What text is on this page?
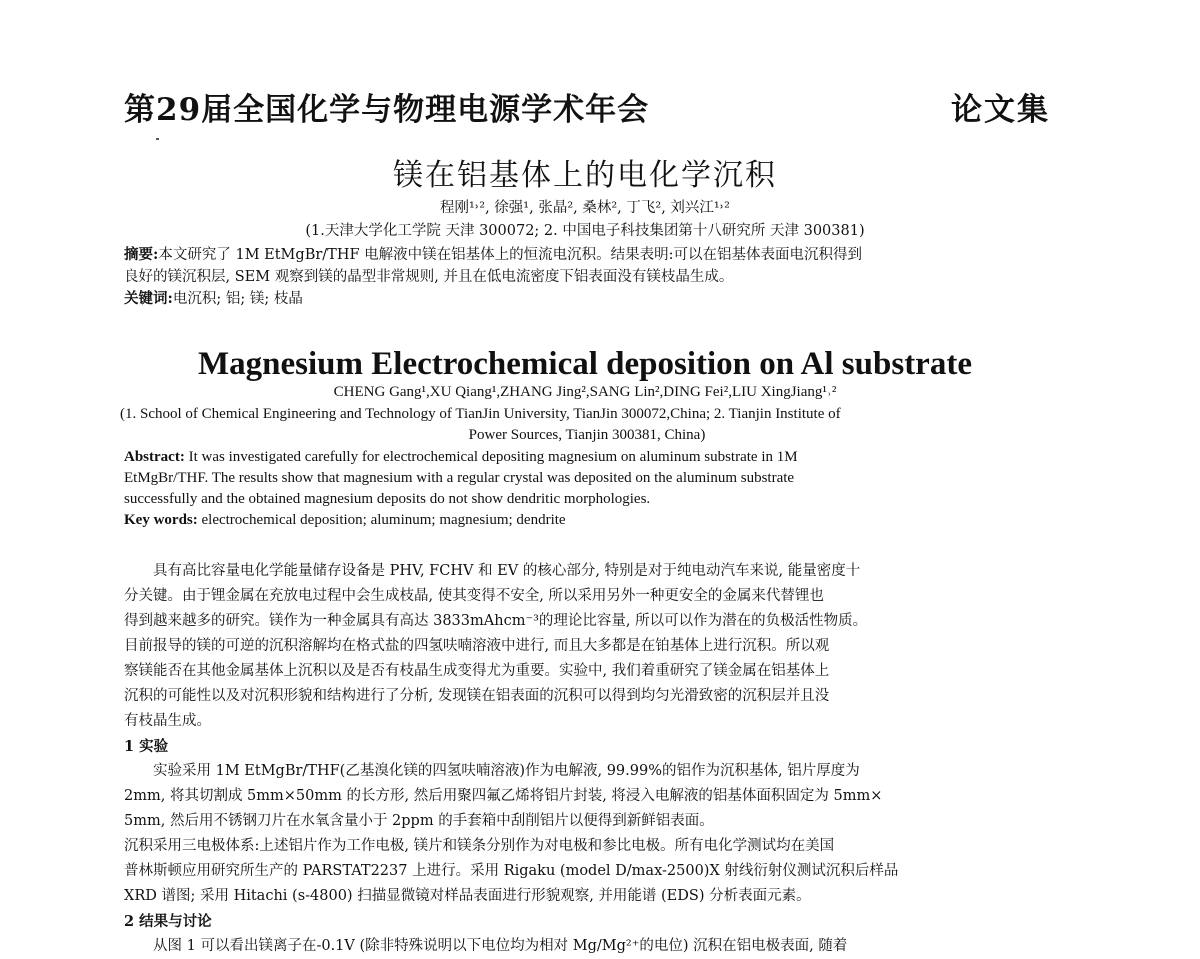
第29届全国化学与物理电源学术年会	论文集
镁在铝基体上的电化学沉积
程刚¹˒², 徐强¹, 张晶², 桑林², 丁飞², 刘兴江¹˒²
(1.天津大学化工学院 天津 300072; 2. 中国电子科技集团第十八研究所 天津 300381)
摘要:本文研究了 1M EtMgBr/THF 电解液中镁在铝基体上的恒流电沉积。结果表明:可以在铝基体表面电沉积得到
良好的镁沉积层, SEM 观察到镁的晶型非常规则, 并且在低电流密度下铝表面没有镁枝晶生成。
关键词:电沉积; 铝; 镁; 枝晶
Magnesium Electrochemical deposition on Al substrate
CHENG Gang¹,XU Qiang¹,ZHANG Jing²,SANG Lin²,DING Fei²,LIU XingJiang¹˒²
(1. School of Chemical Engineering and Technology of TianJin University, TianJin 300072,China; 2. Tianjin Institute of
Power Sources, Tianjin 300381, China)
Abstract: It was investigated carefully for electrochemical depositing magnesium on aluminum substrate in 1M
EtMgBr/THF. The results show that magnesium with a regular crystal was deposited on the aluminum substrate
successfully and the obtained magnesium deposits do not show dendritic morphologies.
Key words: electrochemical deposition; aluminum; magnesium; dendrite

具有高比容量电化学能量储存设备是 PHV, FCHV 和 EV 的核心部分, 特别是对于纯电动汽车来说, 能量密度十
分关键。由于锂金属在充放电过程中会生成枝晶, 使其变得不安全, 所以采用另外一种更安全的金属来代替锂也
得到越来越多的研究。镁作为一种金属具有高达 3833mAhcm⁻³的理论比容量, 所以可以作为潜在的负极活性物质。
目前报导的镁的可逆的沉积溶解均在格式盐的四氢呋喃溶液中进行, 而且大多都是在铂基体上进行沉积。所以观
察镁能否在其他金属基体上沉积以及是否有枝晶生成变得尤为重要。实验中, 我们着重研究了镁金属在铝基体上
沉积的可能性以及对沉积形貌和结构进行了分析, 发现镁在铝表面的沉积可以得到均匀光滑致密的沉积层并且没
有枝晶生成。

1 实验

实验采用 1M EtMgBr/THF(乙基溴化镁的四氢呋喃溶液)作为电解液, 99.99%的铝作为沉积基体, 铝片厚度为
2mm, 将其切割成 5mm×50mm 的长方形, 然后用聚四氟乙烯将铝片封装, 将浸入电解液的铝基体面积固定为 5mm×
5mm, 然后用不锈钢刀片在水氧含量小于 2ppm 的手套箱中刮削铝片以便得到新鲜铝表面。

沉积采用三电极体系:上述铝片作为工作电极, 镁片和镁条分别作为对电极和参比电极。所有电化学测试均在美国
普林斯顿应用研究所生产的 PARSTAT2237 上进行。采用 Rigaku (model D/max-2500)X 射线衍射仪测试沉积后样品
XRD 谱图; 采用 Hitachi (s-4800) 扫描显微镜对样品表面进行形貌观察, 并用能谱 (EDS) 分析表面元素。

2 结果与讨论

从图 1 可以看出镁离子在-0.1V (除非特殊说明以下电位均为相对 Mg/Mg²⁺的电位) 沉积在铝电极表面, 随着
